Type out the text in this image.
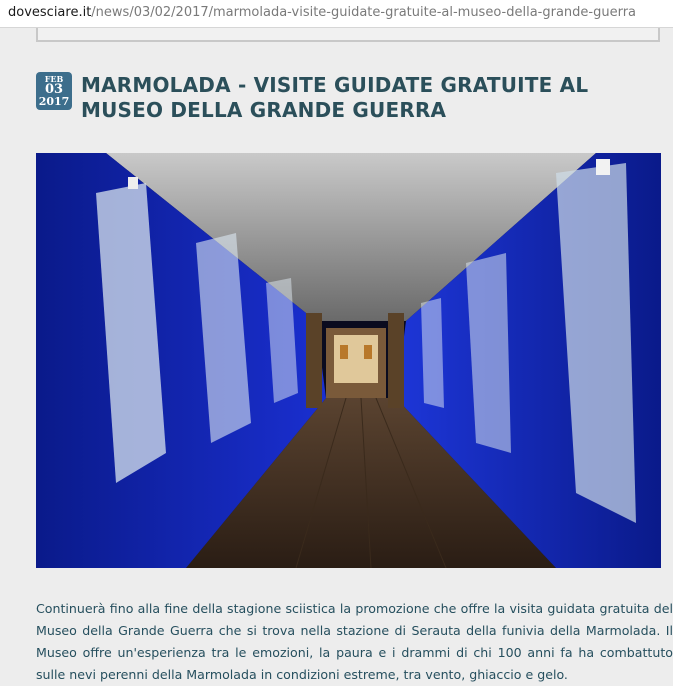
dovesciare.it/news/03/02/2017/marmolada-visite-guidate-gratuite-al-museo-della-grande-guerra
FEB
03
2017
MARMOLADA - VISITE GUIDATE GRATUITE AL MUSEO DELLA GRANDE GUERRA

Continuerà fino alla fine della stagione sciistica la promozione che offre la visita guidata gratuita del Museo della Grande Guerra che si trova nella stazione di Serauta della funivia della Marmolada. Il Museo offre un'esperienza tra le emozioni, la paura e i drammi di chi 100 anni fa ha combattuto sulle nevi perenni della Marmolada in condizioni estreme, tra vento, ghiaccio e gelo.
